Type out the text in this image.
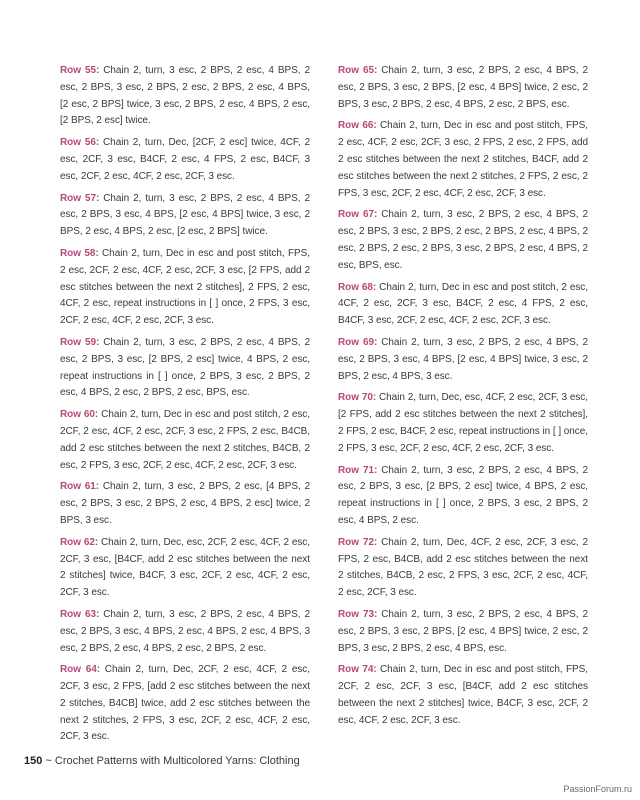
Row 55: Chain 2, turn, 3 esc, 2 BPS, 2 esc, 4 BPS, 2 esc, 2 BPS, 3 esc, 2 BPS, 2 esc, 2 BPS, 2 esc, 4 BPS, [2 esc, 2 BPS] twice, 3 esc, 2 BPS, 2 esc, 4 BPS, 2 esc, [2 BPS, 2 esc] twice.

Row 56: Chain 2, turn, Dec, [2CF, 2 esc] twice, 4CF, 2 esc, 2CF, 3 esc, B4CF, 2 esc, 4 FPS, 2 esc, B4CF, 3 esc, 2CF, 2 esc, 4CF, 2 esc, 2CF, 3 esc.

Row 57: Chain 2, turn, 3 esc, 2 BPS, 2 esc, 4 BPS, 2 esc, 2 BPS, 3 esc, 4 BPS, [2 esc, 4 BPS] twice, 3 esc, 2 BPS, 2 esc, 4 BPS, 2 esc, [2 esc, 2 BPS] twice.

Row 58: Chain 2, turn, Dec in esc and post stitch, FPS, 2 esc, 2CF, 2 esc, 4CF, 2 esc, 2CF, 3 esc, [2 FPS, add 2 esc stitches between the next 2 stitches], 2 FPS, 2 esc, 4CF, 2 esc, repeat instructions in [ ] once, 2 FPS, 3 esc, 2CF, 2 esc, 4CF, 2 esc, 2CF, 3 esc.

Row 59: Chain 2, turn, 3 esc, 2 BPS, 2 esc, 4 BPS, 2 esc, 2 BPS, 3 esc, [2 BPS, 2 esc] twice, 4 BPS, 2 esc, repeat instructions in [ ] once, 2 BPS, 3 esc, 2 BPS, 2 esc, 4 BPS, 2 esc, 2 BPS, 2 esc, BPS, esc.

Row 60: Chain 2, turn, Dec in esc and post stitch, 2 esc, 2CF, 2 esc, 4CF, 2 esc, 2CF, 3 esc, 2 FPS, 2 esc, B4CB, add 2 esc stitches between the next 2 stitches, B4CB, 2 esc, 2 FPS, 3 esc, 2CF, 2 esc, 4CF, 2 esc, 2CF, 3 esc.

Row 61: Chain 2, turn, 3 esc, 2 BPS, 2 esc, [4 BPS, 2 esc, 2 BPS, 3 esc, 2 BPS, 2 esc, 4 BPS, 2 esc] twice, 2 BPS, 3 esc.

Row 62: Chain 2, turn, Dec, esc, 2CF, 2 esc, 4CF, 2 esc, 2CF, 3 esc, [B4CF, add 2 esc stitches between the next 2 stitches] twice, B4CF, 3 esc, 2CF, 2 esc, 4CF, 2 esc, 2CF, 3 esc.

Row 63: Chain 2, turn, 3 esc, 2 BPS, 2 esc, 4 BPS, 2 esc, 2 BPS, 3 esc, 4 BPS, 2 esc, 4 BPS, 2 esc, 4 BPS, 3 esc, 2 BPS, 2 esc, 4 BPS, 2 esc, 2 BPS, 2 esc.

Row 64: Chain 2, turn, Dec, 2CF, 2 esc, 4CF, 2 esc, 2CF, 3 esc, 2 FPS, [add 2 esc stitches between the next 2 stitches, B4CB] twice, add 2 esc stitches between the next 2 stitches, 2 FPS, 3 esc, 2CF, 2 esc, 4CF, 2 esc, 2CF, 3 esc.

Row 65: Chain 2, turn, 3 esc, 2 BPS, 2 esc, 4 BPS, 2 esc, 2 BPS, 3 esc, 2 BPS, [2 esc, 4 BPS] twice, 2 esc, 2 BPS, 3 esc, 2 BPS, 2 esc, 4 BPS, 2 esc, 2 BPS, esc.

Row 66: Chain 2, turn, Dec in esc and post stitch, FPS, 2 esc, 4CF, 2 esc, 2CF, 3 esc, 2 FPS, 2 esc, 2 FPS, add 2 esc stitches between the next 2 stitches, B4CF, add 2 esc stitches between the next 2 stitches, 2 FPS, 2 esc, 2 FPS, 3 esc, 2CF, 2 esc, 4CF, 2 esc, 2CF, 3 esc.

Row 67: Chain 2, turn, 3 esc, 2 BPS, 2 esc, 4 BPS, 2 esc, 2 BPS, 3 esc, 2 BPS, 2 esc, 2 BPS, 2 esc, 4 BPS, 2 esc, 2 BPS, 2 esc, 2 BPS, 3 esc, 2 BPS, 2 esc, 4 BPS, 2 esc, BPS, esc.

Row 68: Chain 2, turn, Dec in esc and post stitch, 2 esc, 4CF, 2 esc, 2CF, 3 esc, B4CF, 2 esc, 4 FPS, 2 esc, B4CF, 3 esc, 2CF, 2 esc, 4CF, 2 esc, 2CF, 3 esc.

Row 69: Chain 2, turn, 3 esc, 2 BPS, 2 esc, 4 BPS, 2 esc, 2 BPS, 3 esc, 4 BPS, [2 esc, 4 BPS] twice, 3 esc, 2 BPS, 2 esc, 4 BPS, 3 esc.

Row 70: Chain 2, turn, Dec, esc, 4CF, 2 esc, 2CF, 3 esc, [2 FPS, add 2 esc stitches between the next 2 stitches], 2 FPS, 2 esc, B4CF, 2 esc, repeat instructions in [ ] once, 2 FPS, 3 esc, 2CF, 2 esc, 4CF, 2 esc, 2CF, 3 esc.

Row 71: Chain 2, turn, 3 esc, 2 BPS, 2 esc, 4 BPS, 2 esc, 2 BPS, 3 esc, [2 BPS, 2 esc] twice, 4 BPS, 2 esc, repeat instructions in [ ] once, 2 BPS, 3 esc, 2 BPS, 2 esc, 4 BPS, 2 esc.

Row 72: Chain 2, turn, Dec, 4CF, 2 esc, 2CF, 3 esc, 2 FPS, 2 esc, B4CB, add 2 esc stitches between the next 2 stitches, B4CB, 2 esc, 2 FPS, 3 esc, 2CF, 2 esc, 4CF, 2 esc, 2CF, 3 esc.

Row 73: Chain 2, turn, 3 esc, 2 BPS, 2 esc, 4 BPS, 2 esc, 2 BPS, 3 esc, 2 BPS, [2 esc, 4 BPS] twice, 2 esc, 2 BPS, 3 esc, 2 BPS, 2 esc, 4 BPS, esc.

Row 74: Chain 2, turn, Dec in esc and post stitch, FPS, 2CF, 2 esc, 2CF, 3 esc, [B4CF, add 2 esc stitches between the next 2 stitches] twice, B4CF, 3 esc, 2CF, 2 esc, 4CF, 2 esc, 2CF, 3 esc.

150 ~ Crochet Patterns with Multicolored Yarns: Clothing
PassionForum.ru
